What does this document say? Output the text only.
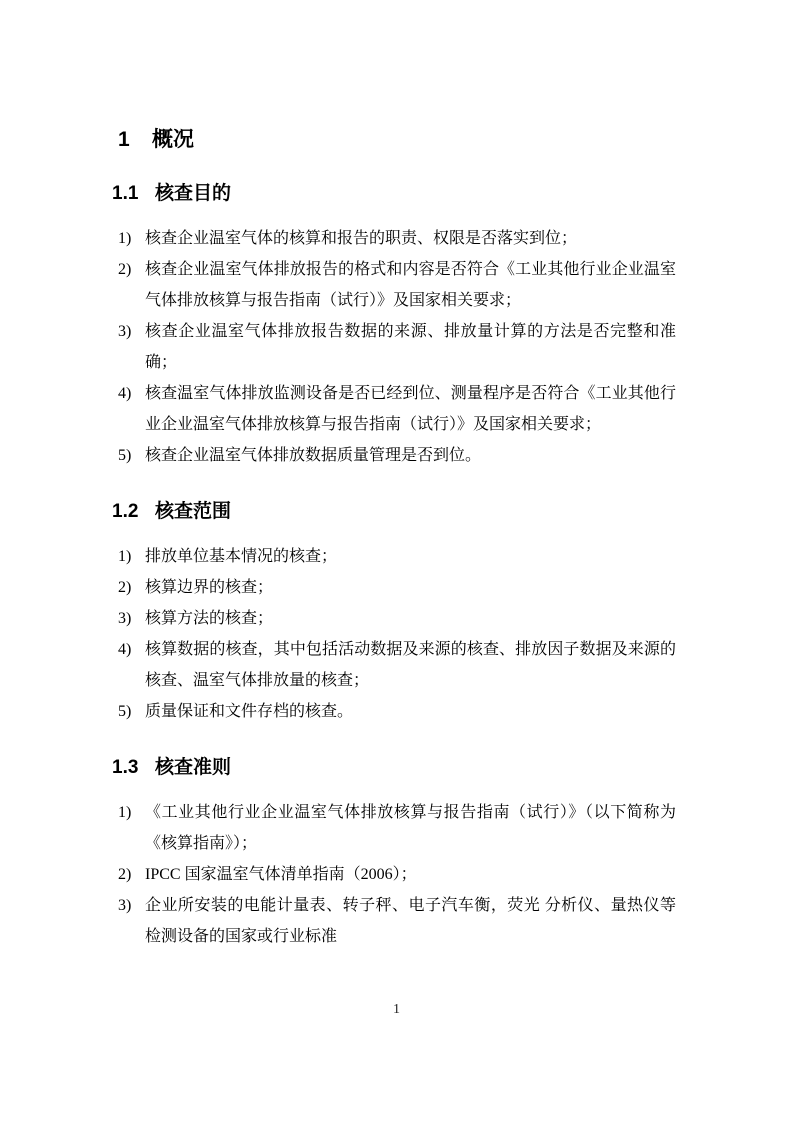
1	概况
1.1 核查目的
1) 核查企业温室气体的核算和报告的职责、权限是否落实到位；
2) 核查企业温室气体排放报告的格式和内容是否符合《工业其他行业企业温室气体排放核算与报告指南（试行）》及国家相关要求；
3) 核查企业温室气体排放报告数据的来源、排放量计算的方法是否完整和准确；
4) 核查温室气体排放监测设备是否已经到位、测量程序是否符合《工业其他行业企业温室气体排放核算与报告指南（试行）》及国家相关要求；
5) 核查企业温室气体排放数据质量管理是否到位。
1.2 核查范围
1) 排放单位基本情况的核查；
2) 核算边界的核查；
3) 核算方法的核查；
4) 核算数据的核查，其中包括活动数据及来源的核查、排放因子数据及来源的核查、温室气体排放量的核查；
5) 质量保证和文件存档的核查。
1.3 核查准则
1) 《工业其他行业企业温室气体排放核算与报告指南（试行）》（以下简称为《核算指南》）；
2) IPCC 国家温室气体清单指南（2006）；
3) 企业所安装的电能计量表、转子秤、电子汽车衡，荧光 分析仪、量热仪等检测设备的国家或行业标准
1
